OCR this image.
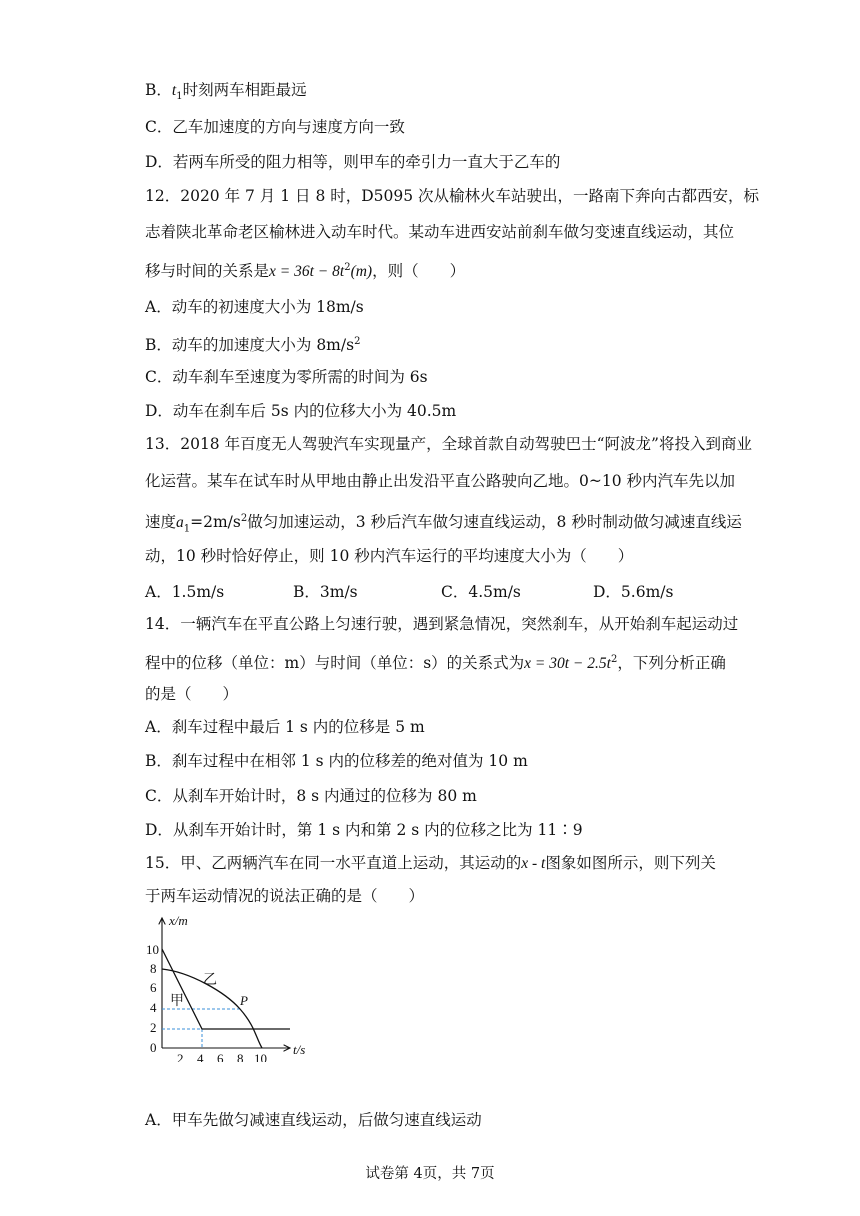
B．$t_1$时刻两车相距最远
C．乙车加速度的方向与速度方向一致
D．若两车所受的阻力相等，则甲车的牵引力一直大于乙车的
12．2020 年 7 月 1 日 8 时，D5095 次从榆林火车站驶出，一路南下奔向古都西安，标
志着陕北革命老区榆林进入动车时代。某动车进西安站前刹车做匀变速直线运动，其位
移与时间的关系是$x = 36t - 8t^2(m)$，则（　　）
A．动车的初速度大小为 18m/s
B．动车的加速度大小为 $8m/s^2$
C．动车刹车至速度为零所需的时间为 6s
D．动车在刹车后 5s 内的位移大小为 40.5m
13．2018 年百度无人驾驶汽车实现量产，全球首款自动驾驶巴士“阿波龙”将投入到商业
化运营。某车在试车时从甲地由静止出发沿平直公路驶向乙地。0~10 秒内汽车先以加
速度$a_1=2m/s^2$做匀加速运动，3 秒后汽车做匀速直线运动，8 秒时制动做匀减速直线运
动，10 秒时恰好停止，则 10 秒内汽车运行的平均速度大小为（　　）
A．1.5m/s	B．3m/s	C．4.5m/s	D．5.6m/s
14．一辆汽车在平直公路上匀速行驶，遇到紧急情况，突然刹车，从开始刹车起运动过
程中的位移（单位：m）与时间（单位：s）的关系式为$x = 30t - 2.5t^2$，下列分析正确
的是（　　）
A．刹车过程中最后 1 s 内的位移是 5 m
B．刹车过程中在相邻 1 s 内的位移差的绝对值为 10 m
C．从刹车开始计时，8 s 内通过的位移为 80 m
D．从刹车开始计时，第 1 s 内和第 2 s 内的位移之比为 11∶9
15．甲、乙两辆汽车在同一水平直道上运动，其运动的x - t图象如图所示，则下列关
于两车运动情况的说法正确的是（　　）
x/m
t/s
10
8
6
4
2
0
2 4 6 8 10
乙
甲	P
A．甲车先做匀减速直线运动，后做匀速直线运动
试卷第 4页，共 7页
